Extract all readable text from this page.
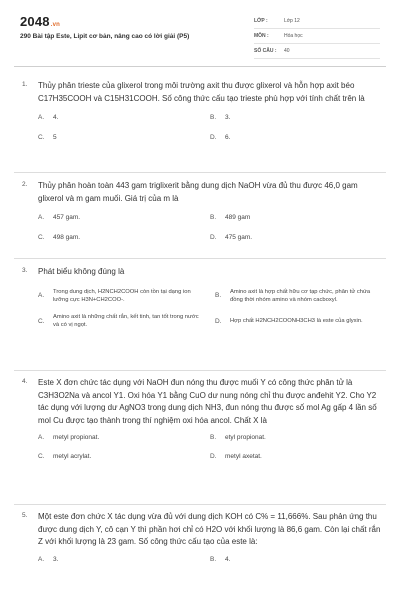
2048.vn
290 Bài tập Este, Lipit cơ bản, nâng cao có lời giải (P5)
LỚP :	Lớp 12
MÔN :	Hóa học
SỐ CÂU :	40
1.	Thủy phân trieste của glixerol trong môi trường axit thu được glixerol và hỗn hợp axit béo C17H35COOH và C15H31COOH. Số công thức cấu tạo trieste phù hợp với tính chất trên là
A.	4.	B.	3.
C.	5	D.	6.
2.	Thủy phân hoàn toàn 443 gam triglixerit bằng dung dịch NaOH vừa đủ thu được 46,0 gam glixerol và m gam muối. Giá trị của m là
A.	457 gam.	B.	489 gam
C.	498 gam.	D.	475 gam.
3.	Phát biểu không đúng là
A.
Trong dung dịch, H2NCH2COOH còn tồn tại dạng ion lưỡng cực H3N+CH2COO-.
B.
Amino axit là hợp chất hữu cơ tạp chức, phân tử chứa đồng thời nhóm amino và nhóm cacboxyl.
C.
Amino axit là những chất rắn, kết tinh, tan tốt trong nước và có vị ngọt.
D.	Hợp chất H2NCH2COONH3CH3 là este của glyxin.
4.	Este X đơn chức tác dụng với NaOH đun nóng thu được muối Y có công thức phân tử là C3H3O2Na và ancol Y1. Oxi hóa Y1 bằng CuO dư nung nóng chỉ thu được anđehit Y2. Cho Y2 tác dụng với lượng dư AgNO3 trong dung dịch NH3, đun nóng thu được số mol Ag gấp 4 lần số mol Cu được tạo thành trong thí nghiệm oxi hóa ancol. Chất X là
A.	metyl propionat.	B.	etyl propionat.
C.	metyl acrylat.	D.	metyl axetat.
5.	Một este đơn chức X tác dụng vừa đủ với dung dịch KOH có C% = 11,666%. Sau phản ứng thu được dung dịch Y, cô cạn Y thì phần hơi chỉ có H2O với khối lượng là 86,6 gam. Còn lại chất rắn Z với khối lượng là 23 gam. Số công thức cấu tạo của este là:
A.	3.	B.	4.
